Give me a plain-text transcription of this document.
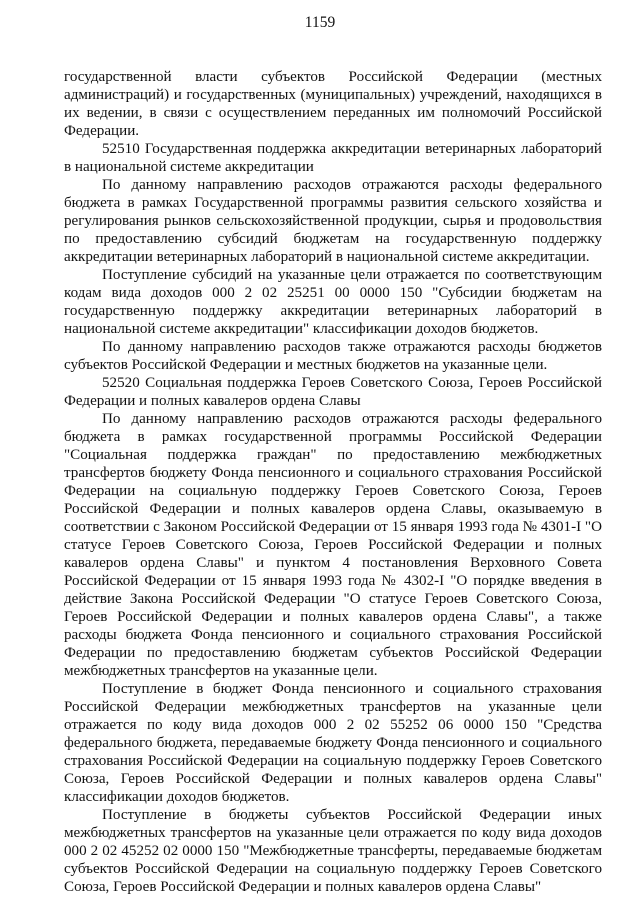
1159

государственной власти субъектов Российской Федерации (местных администраций) и государственных (муниципальных) учреждений, находящихся в их ведении, в связи с осуществлением переданных им полномочий Российской Федерации.

52510 Государственная поддержка аккредитации ветеринарных лабораторий в национальной системе аккредитации

По данному направлению расходов отражаются расходы федерального бюджета в рамках Государственной программы развития сельского хозяйства и регулирования рынков сельскохозяйственной продукции, сырья и продовольствия по предоставлению субсидий бюджетам на государственную поддержку аккредитации ветеринарных лабораторий в национальной системе аккредитации.

Поступление субсидий на указанные цели отражается по соответствующим кодам вида доходов 000 2 02 25251 00 0000 150 "Субсидии бюджетам на государственную поддержку аккредитации ветеринарных лабораторий в национальной системе аккредитации" классификации доходов бюджетов.

По данному направлению расходов также отражаются расходы бюджетов субъектов Российской Федерации и местных бюджетов на указанные цели.

52520 Социальная поддержка Героев Советского Союза, Героев Российской Федерации и полных кавалеров ордена Славы

По данному направлению расходов отражаются расходы федерального бюджета в рамках государственной программы Российской Федерации "Социальная поддержка граждан" по предоставлению межбюджетных трансфертов бюджету Фонда пенсионного и социального страхования Российской Федерации на социальную поддержку Героев Советского Союза, Героев Российской Федерации и полных кавалеров ордена Славы, оказываемую в соответствии с Законом Российской Федерации от 15 января 1993 года № 4301-I "О статусе Героев Советского Союза, Героев Российской Федерации и полных кавалеров ордена Славы" и пунктом 4 постановления Верховного Совета Российской Федерации от 15 января 1993 года № 4302-I "О порядке введения в действие Закона Российской Федерации "О статусе Героев Советского Союза, Героев Российской Федерации и полных кавалеров ордена Славы", а также расходы бюджета Фонда пенсионного и социального страхования Российской Федерации по предоставлению бюджетам субъектов Российской Федерации межбюджетных трансфертов на указанные цели.

Поступление в бюджет Фонда пенсионного и социального страхования Российской Федерации межбюджетных трансфертов на указанные цели отражается по коду вида доходов 000 2 02 55252 06 0000 150 "Средства федерального бюджета, передаваемые бюджету Фонда пенсионного и социального страхования Российской Федерации на социальную поддержку Героев Советского Союза, Героев Российской Федерации и полных кавалеров ордена Славы" классификации доходов бюджетов.

Поступление в бюджеты субъектов Российской Федерации иных межбюджетных трансфертов на указанные цели отражается по коду вида доходов 000 2 02 45252 02 0000 150 "Межбюджетные трансферты, передаваемые бюджетам субъектов Российской Федерации на социальную поддержку Героев Советского Союза, Героев Российской Федерации и полных кавалеров ордена Славы"
